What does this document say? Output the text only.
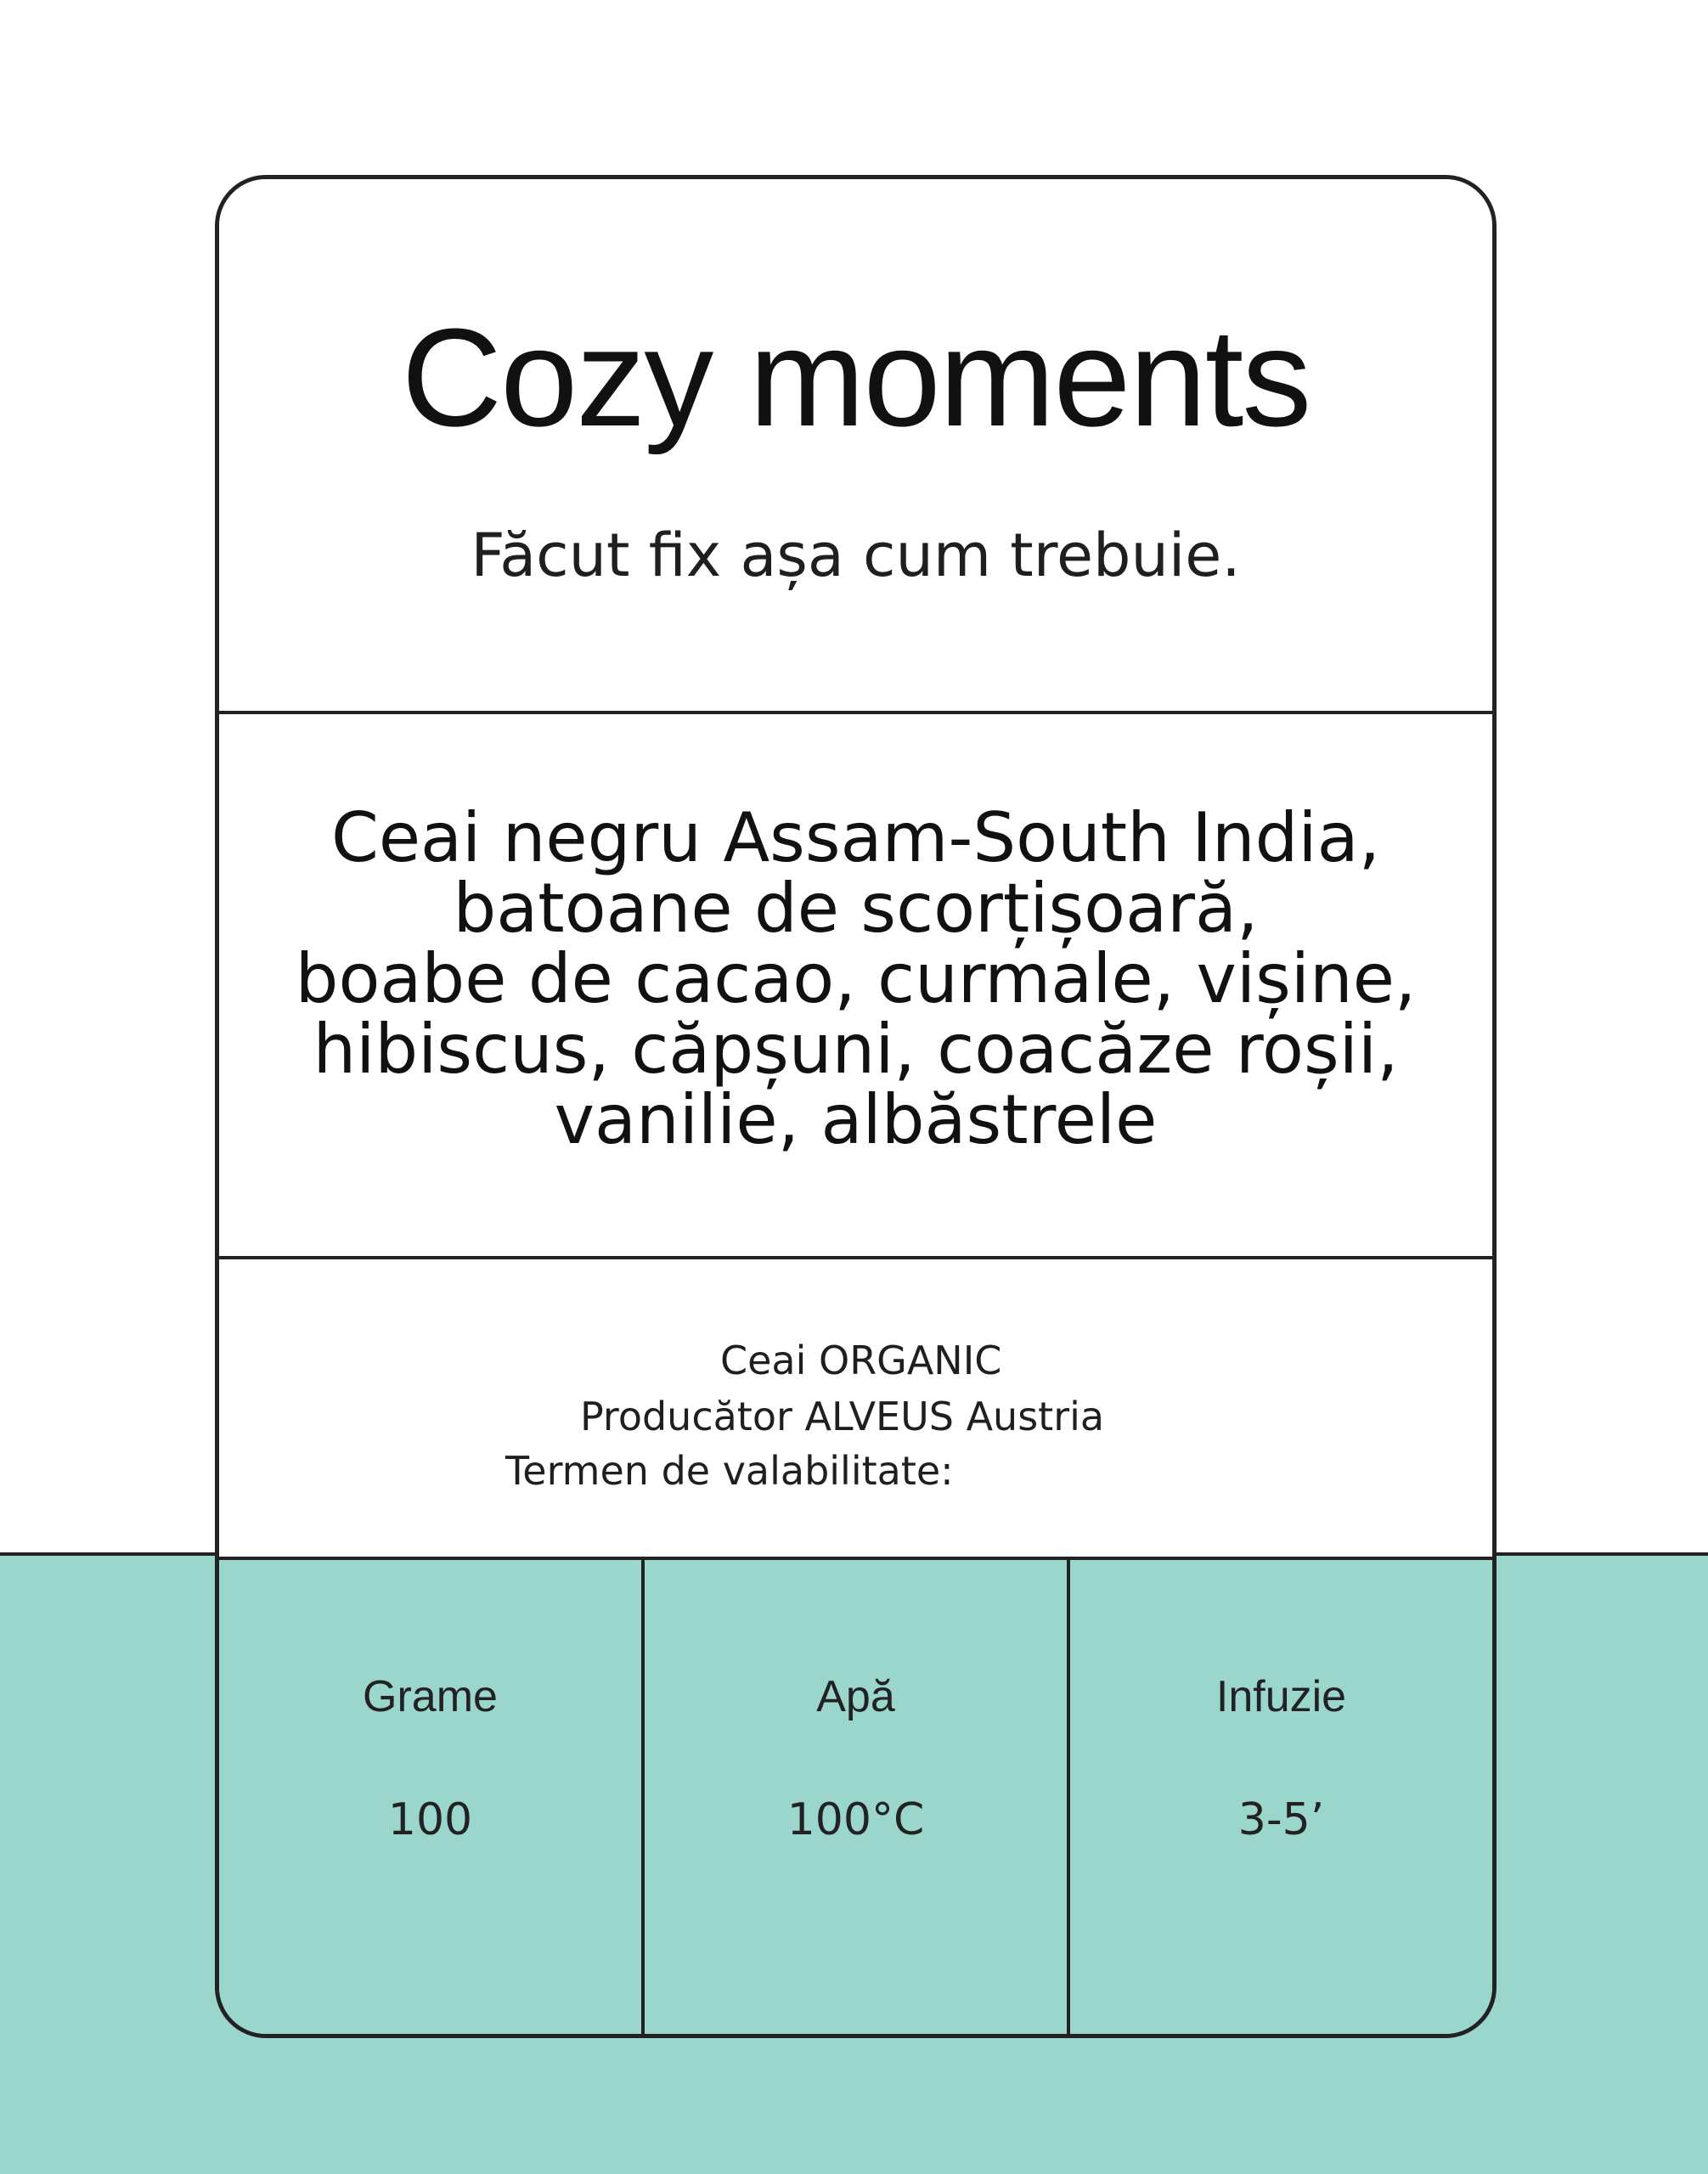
Cozy moments
Făcut fix așa cum trebuie.
Ceai negru Assam-South India,
batoane de scorțișoară,
boabe de cacao, curmale, vișine,
hibiscus, căpșuni, coacăze roșii,
vanilie, albăstrele
Ceai ORGANIC
Producător ALVEUS Austria
Termen de valabilitate:
Grame
100
Apă
100°C
Infuzie
3-5’
